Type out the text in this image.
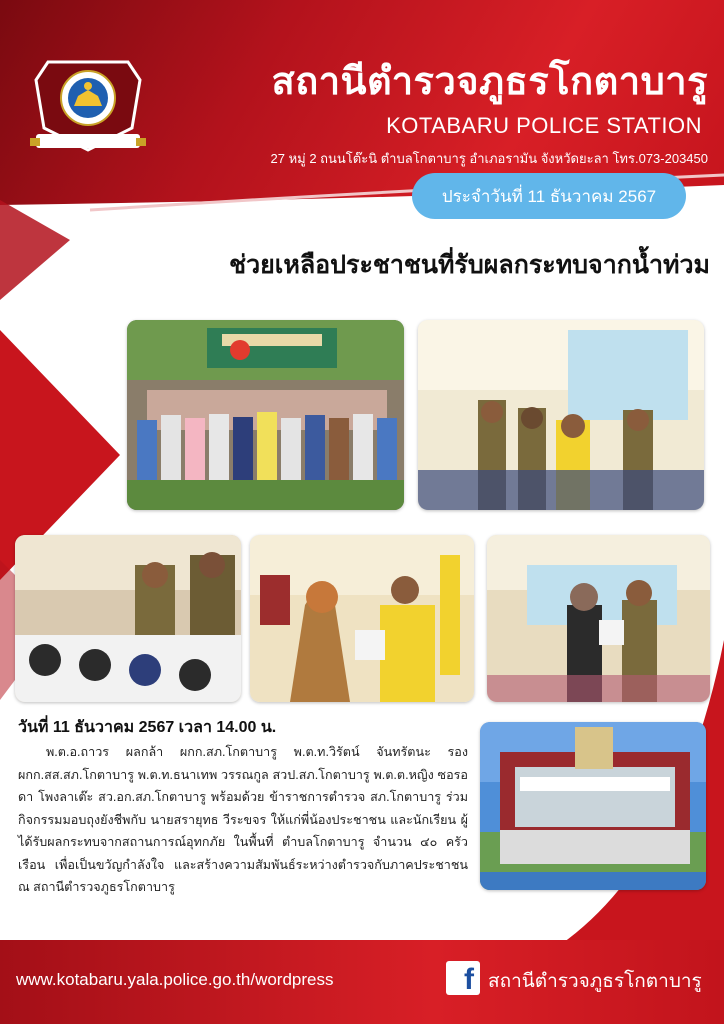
สถานีตำรวจภูธรโกตาบารู
KOTABARU POLICE STATION
27 หมู่ 2 ถนนโต๊ะนิ ตำบลโกตาบารู อำเภอรามัน จังหวัดยะลา โทร.073-203450
ประจำวันที่ 11 ธันวาคม 2567
ช่วยเหลือประชาชนที่รับผลกระทบจากน้ำท่วม
วันที่ 11 ธันวาคม 2567 เวลา 14.00 น.

พ.ต.อ.ถาวร ผลกล้า ผกก.สภ.โกตาบารู พ.ต.ท.วิรัตน์ จันทรัตนะ รอง ผกก.สส.สภ.โกตาบารู พ.ต.ท.ธนาเทพ วรรณกูล สวป.สภ.โกตาบารู พ.ต.ต.หญิง ซอรอดา โพงลาเต๊ะ สว.อก.สภ.โกตาบารู พร้อมด้วย ข้าราชการตำรวจ สภ.โกตาบารู ร่วมกิจกรรมมอบถุงยังชีพกับ นายสรายุทธ วีระขจร ให้แก่พี่น้องประชาชน และนักเรียน ผู้ได้รับผลกระทบจากสถานการณ์อุทกภัย ในพื้นที่ ตำบลโกตาบารู จำนวน ๔๐ ครัวเรือน เพื่อเป็นขวัญกำลังใจ และสร้างความสัมพันธ์ระหว่างตำรวจกับภาคประชาชน ณ สถานีตำรวจภูธรโกตาบารู

www.kotabaru.yala.police.go.th/wordpress	f สถานีตำรวจภูธรโกตาบารู
